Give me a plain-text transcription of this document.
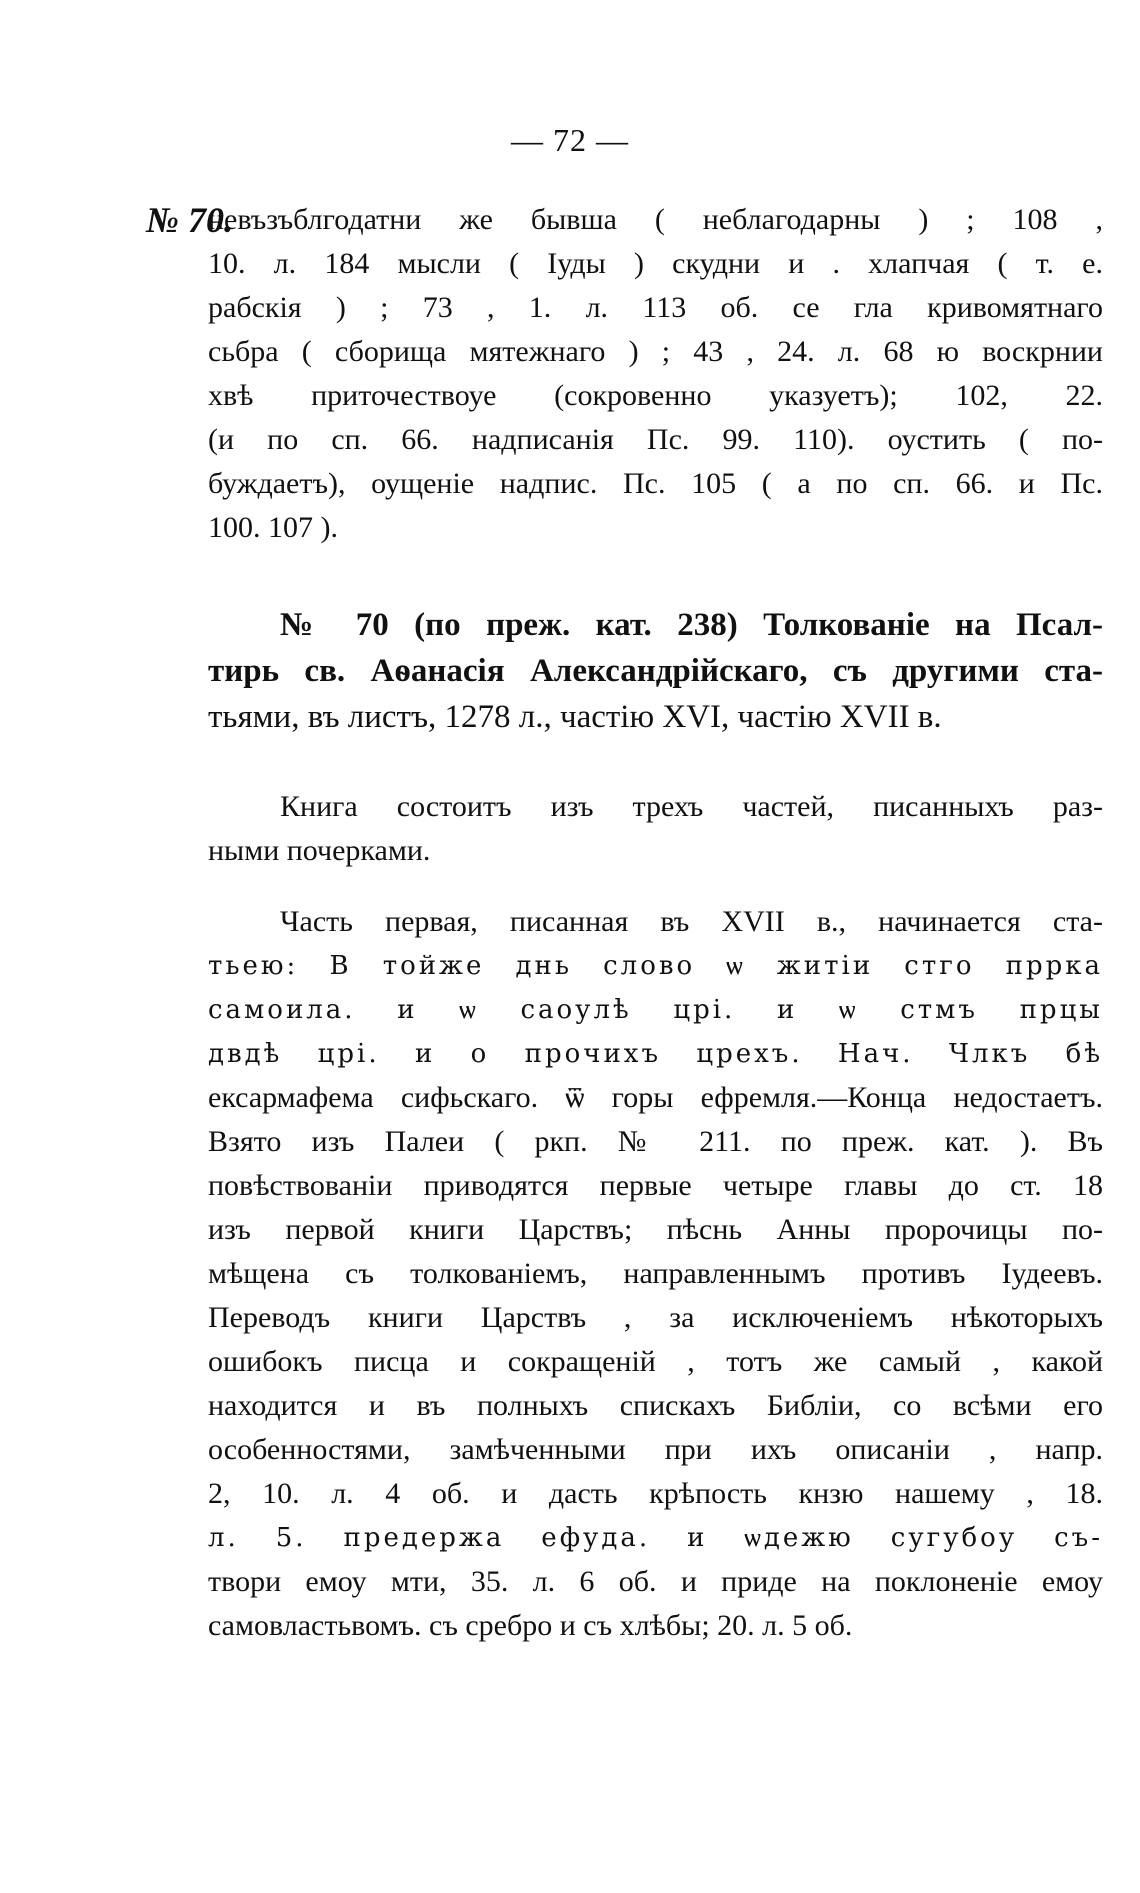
— 72 —
№ 70.
невъзъблгодатни же бывша ( неблагодарны ) ; 108 ,
10. л. 184 мысли ( Iуды ) скудни и . хлапчая ( т. е.
рабскiя ) ; 73 , 1. л. 113 об. се гла кривомятнаго
сьбра ( сборища мятежнаго ) ; 43 , 24. л. 68 ю воскрнии
хвѣ приточествоуе (сокровенно указуетъ); 102, 22.
(и по сп. 66. надписанiя Пс. 99. 110). оустить ( по-
буждаетъ), оущенiе надпис. Пс. 105 ( а по сп. 66. и Пс.
100. 107 ).
№ 70 (по преж. кат. 238) Толкованiе на Псал-
тирь св. Аѳанасiя Александрiйскаго, съ другими ста-
тьями, въ листъ, 1278 л., частiю XVI, частiю XVII в.
Книга состоитъ изъ трехъ частей, писанныхъ раз-
ными почерками.
Часть первая, писанная въ XVII в., начинается ста-
тьею: В тойже днь слово ѡ житiи стго пррка
самоила. и ѡ саоулѣ црi. и ѡ стмъ прцы
двдѣ црi. и о прочихъ црехъ. Нач. Члкъ бѣ
ексармафема сифьскаго. ѿ горы ефремля.—Конца недостаетъ.
Взято изъ Палеи ( ркп. № 211. по преж. кат. ). Въ
повѣствованiи приводятся первые четыре главы до ст. 18
изъ первой книги Царствъ; пѣснь Анны пророчицы по-
мѣщена съ толкованiемъ, направленнымъ противъ Iудеевъ.
Переводъ книги Царствъ , за исключенiемъ нѣкоторыхъ
ошибокъ писца и сокращенiй , тотъ же самый , какой
находится и въ полныхъ спискахъ Библiи, со всѣми его
особенностями, замѣченными при ихъ описанiи , напр.
2, 10. л. 4 об. и дасть крѣпость кнзю нашему , 18.
л. 5. предержа ефуда. и ѡдежю сугубоу съ-
твори емоу мти, 35. л. 6 об. и приде на поклоненiе емоу
самовластьвомъ. съ сребро и съ хлѣбы; 20. л. 5 об.
